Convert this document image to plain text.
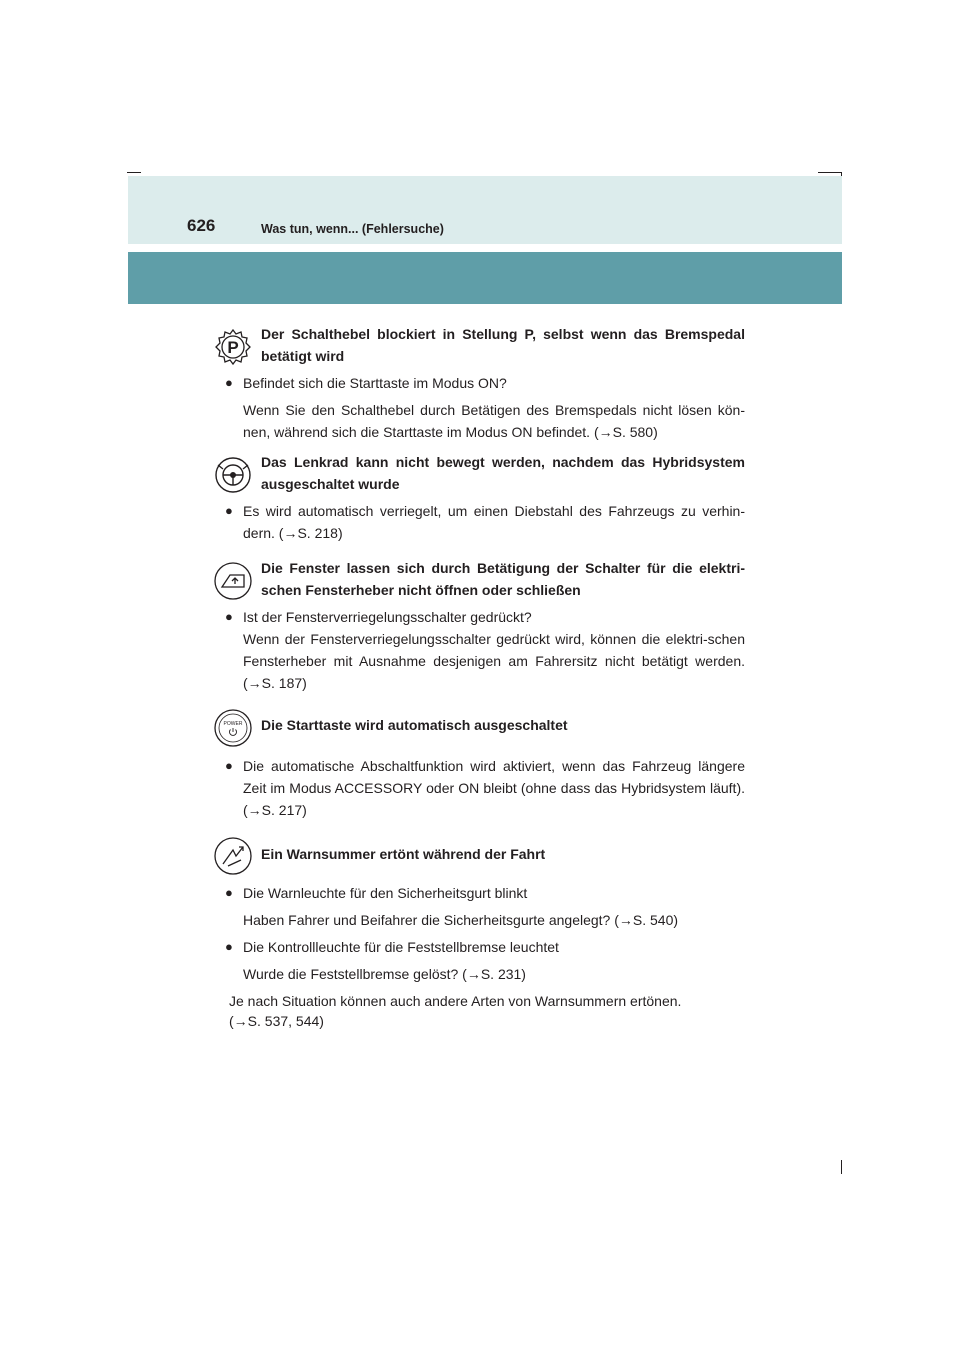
626	Was tun, wenn... (Fehlersuche)
P
Der Schalthebel blockiert in Stellung P, selbst wenn das Bremspedal betätigt wird
● Befindet sich die Starttaste im Modus ON?
Wenn Sie den Schalthebel durch Betätigen des Bremspedals nicht lösen kön-nen, während sich die Starttaste im Modus ON befindet. (→S. 580)
Das Lenkrad kann nicht bewegt werden, nachdem das Hybridsystem ausgeschaltet wurde
● Es wird automatisch verriegelt, um einen Diebstahl des Fahrzeugs zu verhin-dern. (→S. 218)
Die Fenster lassen sich durch Betätigung der Schalter für die elektri-schen Fensterheber nicht öffnen oder schließen
● Ist der Fensterverriegelungsschalter gedrückt?
Wenn der Fensterverriegelungsschalter gedrückt wird, können die elektri-schen Fensterheber mit Ausnahme desjenigen am Fahrersitz nicht betätigt werden. (→S. 187)
POWER Die Starttaste wird automatisch ausgeschaltet
● Die automatische Abschaltfunktion wird aktiviert, wenn das Fahrzeug längere Zeit im Modus ACCESSORY oder ON bleibt (ohne dass das Hybridsystem läuft). (→S. 217)
Ein Warnsummer ertönt während der Fahrt
● Die Warnleuchte für den Sicherheitsgurt blinkt
Haben Fahrer und Beifahrer die Sicherheitsgurte angelegt? (→S. 540)
● Die Kontrollleuchte für die Feststellbremse leuchtet
Wurde die Feststellbremse gelöst? (→S. 231)
Je nach Situation können auch andere Arten von Warnsummern ertönen.
(→S. 537, 544)
